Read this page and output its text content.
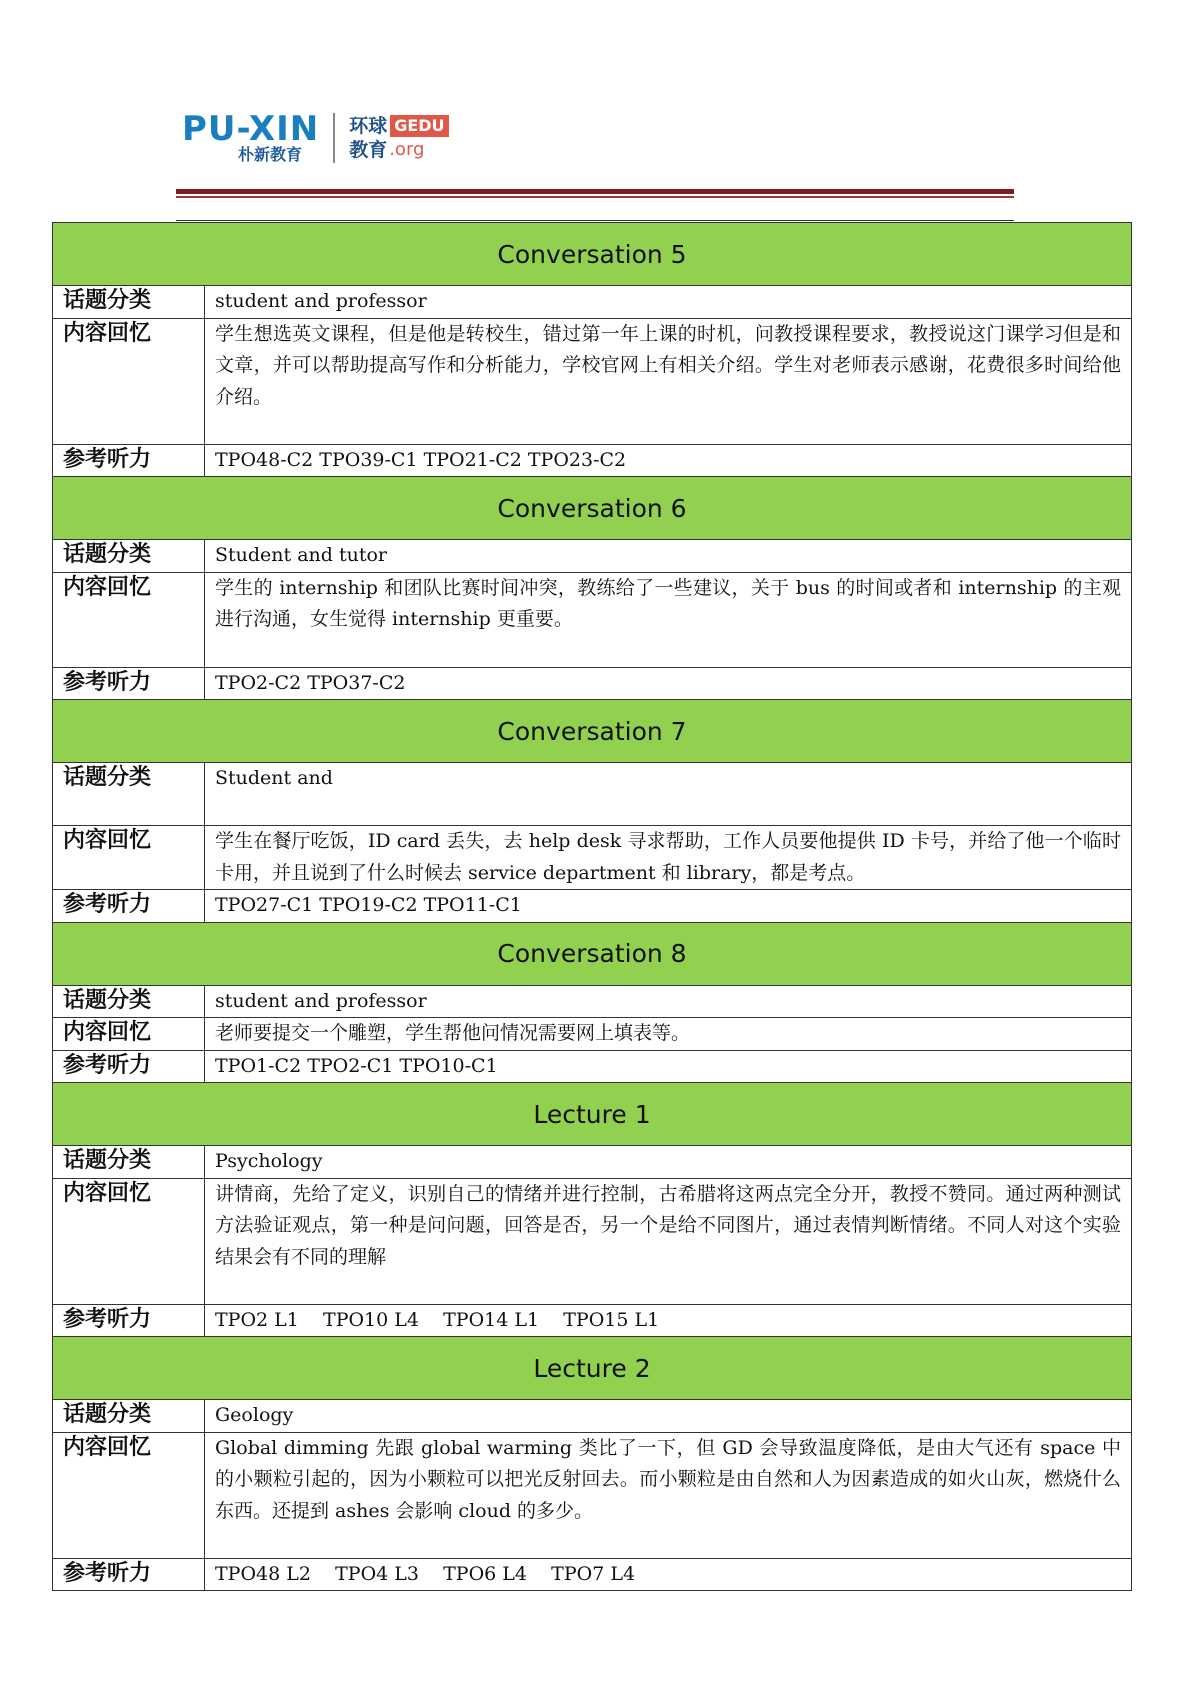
PU-XIN
朴新教育
环球 GEDU
教育 .org
Conversation 5	
话题分类	student and professor
内容回忆	学生想选英文课程，但是他是转校生，错过第一年上课的时机，问教授课程要求，教授说这门课学习但是和文章，并可以帮助提高写作和分析能力，学校官网上有相关介绍。学生对老师表示感谢，花费很多时间给他介绍。
参考听力	TPO48-C2 TPO39-C1 TPO21-C2 TPO23-C2
Conversation 6	
话题分类	Student and tutor
内容回忆	学生的 internship 和团队比赛时间冲突，教练给了一些建议，关于 bus 的时间或者和 internship 的主观进行沟通，女生觉得 internship 更重要。
参考听力	TPO2-C2 TPO37-C2
Conversation 7	
话题分类	Student and
内容回忆	学生在餐厅吃饭，ID card 丢失，去 help desk 寻求帮助，工作人员要他提供 ID 卡号，并给了他一个临时卡用，并且说到了什么时候去 service department 和 library，都是考点。
参考听力	TPO27-C1 TPO19-C2 TPO11-C1
Conversation 8	
话题分类	student and professor
内容回忆	老师要提交一个雕塑，学生帮他问情况需要网上填表等。
参考听力	TPO1-C2 TPO2-C1 TPO10-C1
Lecture 1	
话题分类	Psychology
内容回忆	讲情商，先给了定义，识别自己的情绪并进行控制，古希腊将这两点完全分开，教授不赞同。通过两种测试方法验证观点，第一种是问问题，回答是否，另一个是给不同图片，通过表情判断情绪。不同人对这个实验结果会有不同的理解
参考听力	TPO2 L1    TPO10 L4    TPO14 L1    TPO15 L1
Lecture 2	
话题分类	Geology
内容回忆	Global dimming 先跟 global warming 类比了一下，但 GD 会导致温度降低，是由大气还有 space 中的小颗粒引起的，因为小颗粒可以把光反射回去。而小颗粒是由自然和人为因素造成的如火山灰，燃烧什么东西。还提到 ashes 会影响 cloud 的多少。
参考听力	TPO48 L2    TPO4 L3    TPO6 L4    TPO7 L4
